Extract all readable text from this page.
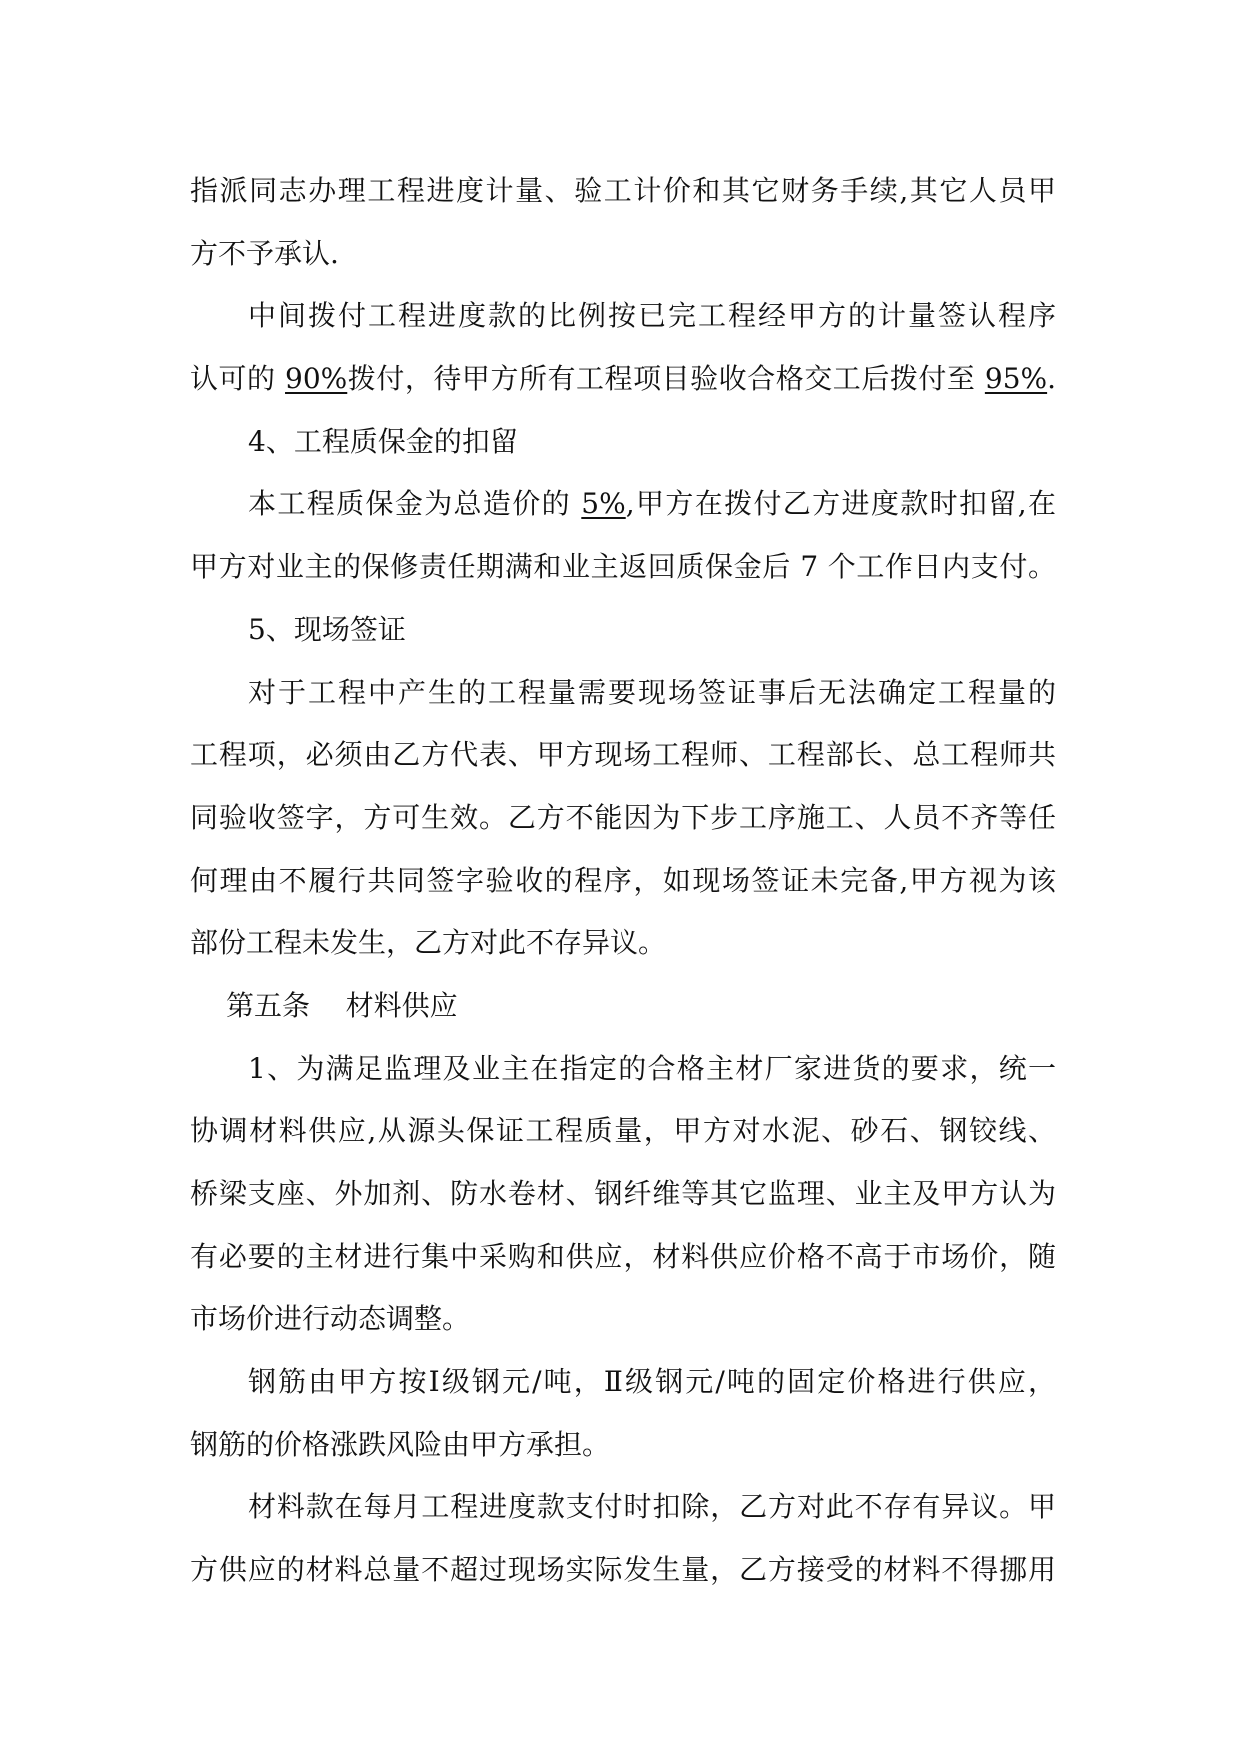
指派同志办理工程进度计量、验工计价和其它财务手续,其它人员甲
方不予承认.
中间拨付工程进度款的比例按已完工程经甲方的计量签认程序
认可的 90%拨付，待甲方所有工程项目验收合格交工后拨付至 95%.
4、工程质保金的扣留
本工程质保金为总造价的 5%,甲方在拨付乙方进度款时扣留,在
甲方对业主的保修责任期满和业主返回质保金后 7 个工作日内支付。
5、现场签证
对于工程中产生的工程量需要现场签证事后无法确定工程量的
工程项，必须由乙方代表、甲方现场工程师、工程部长、总工程师共
同验收签字，方可生效。乙方不能因为下步工序施工、人员不齐等任
何理由不履行共同签字验收的程序，如现场签证未完备,甲方视为该
部份工程未发生，乙方对此不存异议。
第五条    材料供应
1、为满足监理及业主在指定的合格主材厂家进货的要求，统一
协调材料供应,从源头保证工程质量，甲方对水泥、砂石、钢铰线、
桥梁支座、外加剂、防水卷材、钢纤维等其它监理、业主及甲方认为
有必要的主材进行集中采购和供应，材料供应价格不高于市场价，随
市场价进行动态调整。
钢筋由甲方按Ⅰ级钢元/吨，Ⅱ级钢元/吨的固定价格进行供应，
钢筋的价格涨跌风险由甲方承担。
材料款在每月工程进度款支付时扣除，乙方对此不存有异议。甲
方供应的材料总量不超过现场实际发生量，乙方接受的材料不得挪用
